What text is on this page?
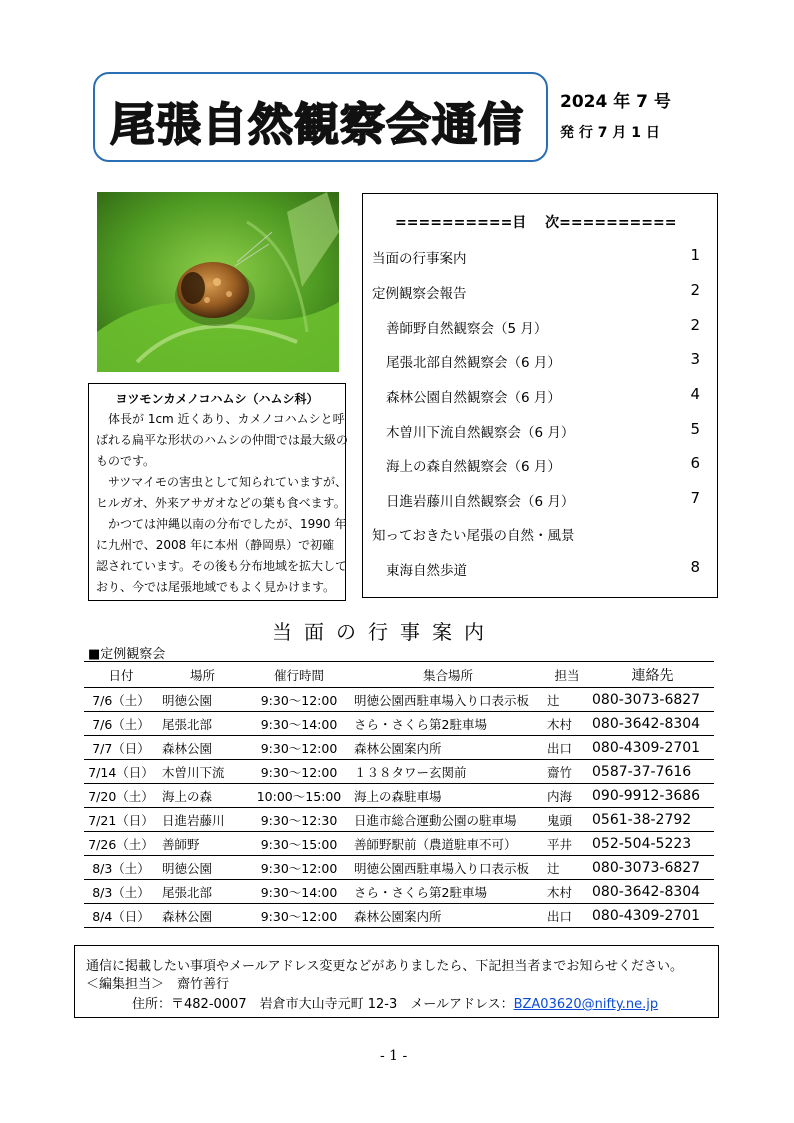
尾張自然観察会通信 2024 年 7 号
発 行 7 月 1 日
ヨツモンカメノコハムシ（ハムシ科）
体長が 1cm 近くあり、カメノコハムシと呼
ばれる扁平な形状のハムシの仲間では最大級の
ものです。
サツマイモの害虫として知られていますが、
ヒルガオ、外来アサガオなどの葉も食べます。
かつては沖縄以南の分布でしたが、1990 年
に九州で、2008 年に本州（静岡県）で初確
認されています。その後も分布地域を拡大して
おり、今では尾張地域でもよく見かけます。
==========目　 次==========
当面の行事案内	1
定例観察会報告	2
善師野自然観察会（5 月）	2
尾張北部自然観察会（6 月）	3
森林公園自然観察会（6 月）	4
木曽川下流自然観察会（6 月）	5
海上の森自然観察会（6 月）	6
日進岩藤川自然観察会（6 月）	7
知っておきたい尾張の自然・風景
東海自然歩道	8
当面の行事案内
■定例観察会
日付	場所	催行時間	集合場所	担当	連絡先
7/6（土）	明徳公園	9:30～12:00	明徳公園西駐車場入り口表示板	辻	080-3073-6827
7/6（土）	尾張北部	9:30～14:00	さら・さくら第2駐車場	木村	080-3642-8304
7/7（日）	森林公園	9:30～12:00	森林公園案内所	出口	080-4309-2701
7/14（日）	木曽川下流	9:30～12:00	１３８タワー玄関前	齋竹	0587-37-7616
7/20（土）	海上の森	10:00～15:00	海上の森駐車場	内海	090-9912-3686
7/21（日）	日進岩藤川	9:30～12:30	日進市総合運動公園の駐車場	鬼頭	0561-38-2792
7/26（土）	善師野	9:30～15:00	善師野駅前（農道駐車不可）	平井	052-504-5223
8/3（土）	明徳公園	9:30～12:00	明徳公園西駐車場入り口表示板	辻	080-3073-6827
8/3（土）	尾張北部	9:30～14:00	さら・さくら第2駐車場	木村	080-3642-8304
8/4（日）	森林公園	9:30～12:00	森林公園案内所	出口	080-4309-2701
通信に掲載したい事項やメールアドレス変更などがありましたら、下記担当者までお知らせください。
＜編集担当＞　齋竹善行
住所：〒482-0007　岩倉市大山寺元町 12-3　メールアドレス：BZA03620@nifty.ne.jp
- 1 -
